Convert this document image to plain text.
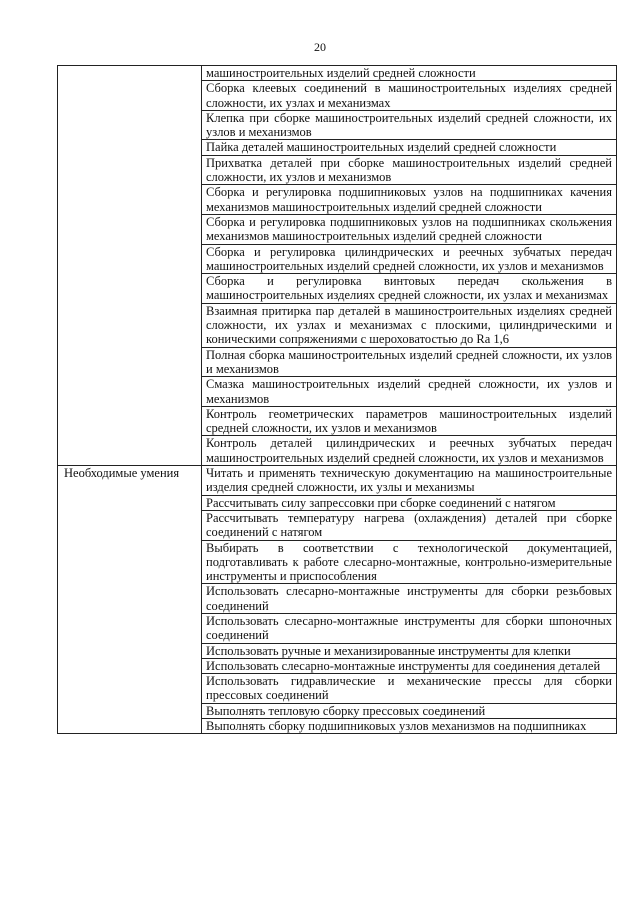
20
	машиностроительных изделий средней сложности
	Сборка клеевых соединений в машиностроительных изделиях средней сложности, их узлах и механизмах
	Клепка при сборке машиностроительных изделий средней сложности, их узлов и механизмов
	Пайка деталей машиностроительных изделий средней сложности
	Прихватка деталей при сборке машиностроительных изделий средней сложности, их узлов и механизмов
	Сборка и регулировка подшипниковых узлов на подшипниках качения механизмов машиностроительных изделий средней сложности
	Сборка и регулировка подшипниковых узлов на подшипниках скольжения механизмов машиностроительных изделий средней сложности
	Сборка и регулировка цилиндрических и реечных зубчатых передач машиностроительных изделий средней сложности, их узлов и механизмов
	Сборка и регулировка винтовых передач скольжения в машиностроительных изделиях средней сложности, их узлах и механизмах
	Взаимная притирка пар деталей в машиностроительных изделиях средней сложности, их узлах и механизмах с плоскими, цилиндрическими и коническими сопряжениями с шероховатостью до Ra 1,6
	Полная сборка машиностроительных изделий средней сложности, их узлов и механизмов
	Смазка машиностроительных изделий средней сложности, их узлов и механизмов
	Контроль геометрических параметров машиностроительных изделий средней сложности, их узлов и механизмов
	Контроль деталей цилиндрических и реечных зубчатых передач машиностроительных изделий средней сложности, их узлов и механизмов

Необходимые умения	Читать и применять техническую документацию на машиностроительные изделия средней сложности, их узлы и механизмы
	Рассчитывать силу запрессовки при сборке соединений с натягом
	Рассчитывать температуру нагрева (охлаждения) деталей при сборке соединений с натягом
	Выбирать в соответствии с технологической документацией, подготавливать к работе слесарно-монтажные, контрольно-измерительные инструменты и приспособления
	Использовать слесарно-монтажные инструменты для сборки резьбовых соединений
	Использовать слесарно-монтажные инструменты для сборки шпоночных соединений
	Использовать ручные и механизированные инструменты для клепки
	Использовать слесарно-монтажные инструменты для соединения деталей
	Использовать гидравлические и механические прессы для сборки прессовых соединений
	Выполнять тепловую сборку прессовых соединений
	Выполнять сборку подшипниковых узлов механизмов на подшипниках
